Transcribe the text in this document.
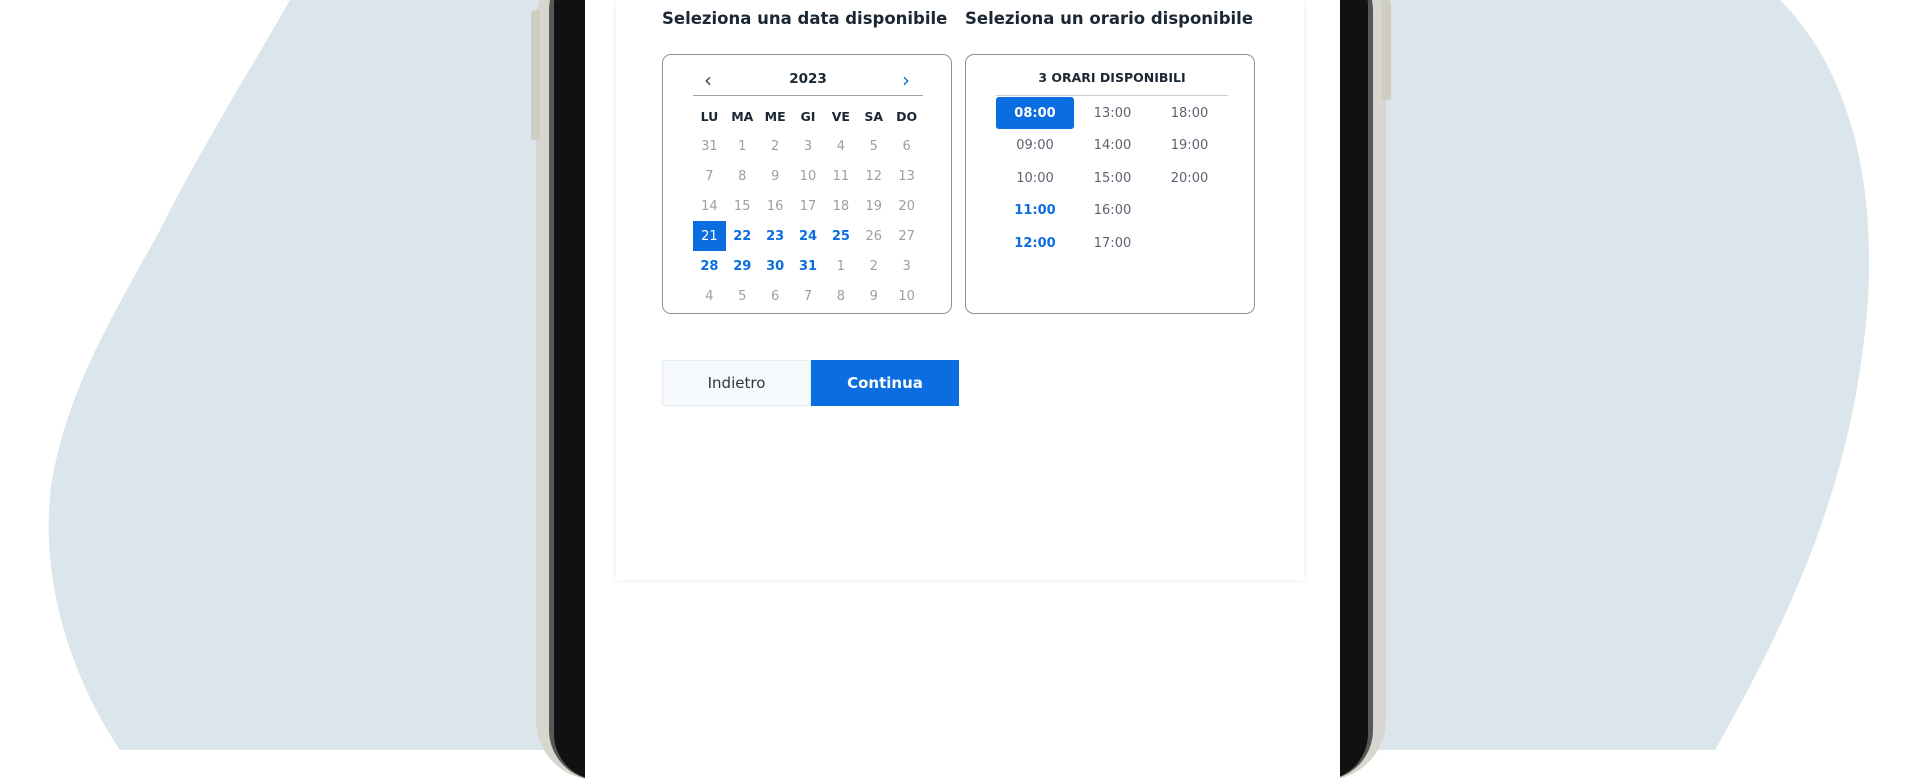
Seleziona una data disponibile Seleziona un orario disponibile
‹	2023	›
LU	MA ME	GI	VE	SA	DO
31	1	2	3	4	5	6
7	8	9	10	11	12	13
14	15	16	17	18	19	20
21	22	23	24	25	26	27
28	29	30	31	1	2	3
4	5	6	7	8	9	10
3 ORARI DISPONIBILI
08:00	13:00	18:00
09:00	14:00	19:00
10:00	15:00	20:00
11:00	16:00
12:00	17:00
Indietro	Continua
